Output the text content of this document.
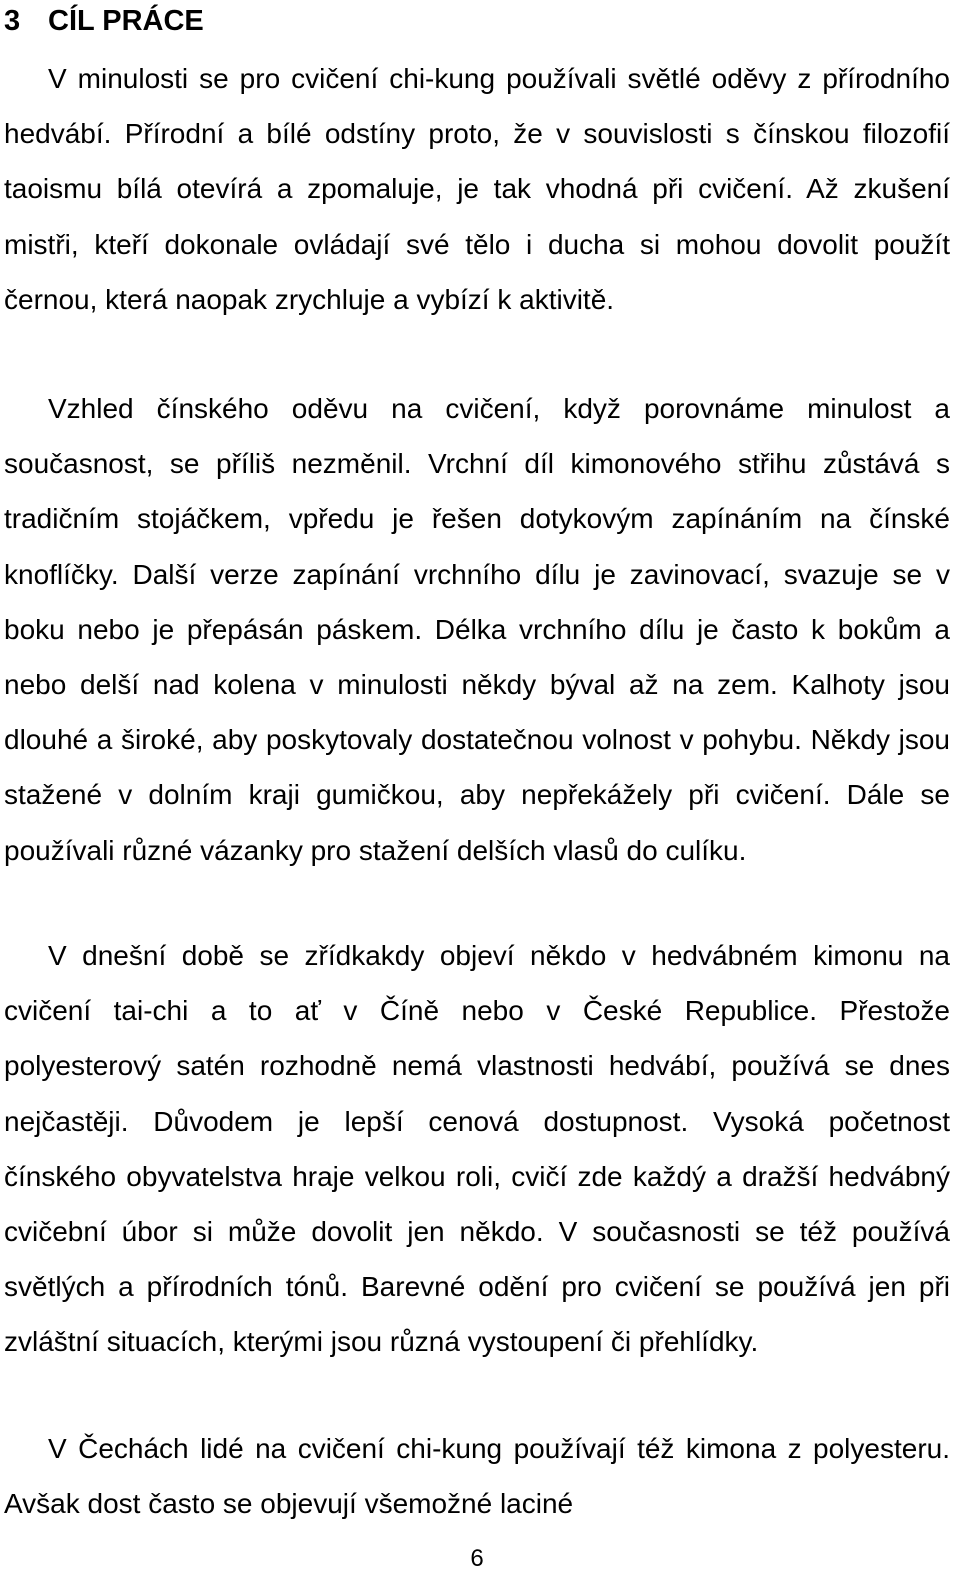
3 CÍL PRÁCE

V minulosti se pro cvičení chi-kung používali světlé oděvy z přírodního hedvábí. Přírodní a bílé odstíny proto, že v souvislosti s čínskou filozofií taoismu bílá otevírá a zpomaluje, je tak vhodná při cvičení. Až zkušení mistři, kteří dokonale ovládají své tělo i ducha si mohou dovolit použít černou, která naopak zrychluje a vybízí k aktivitě.

Vzhled čínského oděvu na cvičení, když porovnáme minulost a současnost, se příliš nezměnil. Vrchní díl kimonového střihu zůstává s tradičním stojáčkem, vpředu je řešen dotykovým zapínáním na čínské knoflíčky. Další verze zapínání vrchního dílu je zavinovací, svazuje se v boku nebo je přepásán páskem. Délka vrchního dílu je často k bokům a nebo delší nad kolena v minulosti někdy býval až na zem. Kalhoty jsou dlouhé a široké, aby poskytovaly dostatečnou volnost v pohybu. Někdy jsou stažené v dolním kraji gumičkou, aby nepřekážely při cvičení. Dále se používali různé vázanky pro stažení delších vlasů do culíku.

V dnešní době se zřídkakdy objeví někdo v hedvábném kimonu na cvičení tai-chi a to ať v Číně nebo v České Republice. Přestože polyesterový satén rozhodně nemá vlastnosti hedvábí, používá se dnes nejčastěji. Důvodem je lepší cenová dostupnost. Vysoká početnost čínského obyvatelstva hraje velkou roli, cvičí zde každý a dražší hedvábný cvičební úbor si může dovolit jen někdo. V současnosti se též používá světlých a přírodních tónů. Barevné odění pro cvičení se používá jen při zvláštní situacích, kterými jsou různá vystoupení či přehlídky.

V Čechách lidé na cvičení chi-kung používají též kimona z polyesteru. Avšak dost často se objevují všemožné laciné

6
